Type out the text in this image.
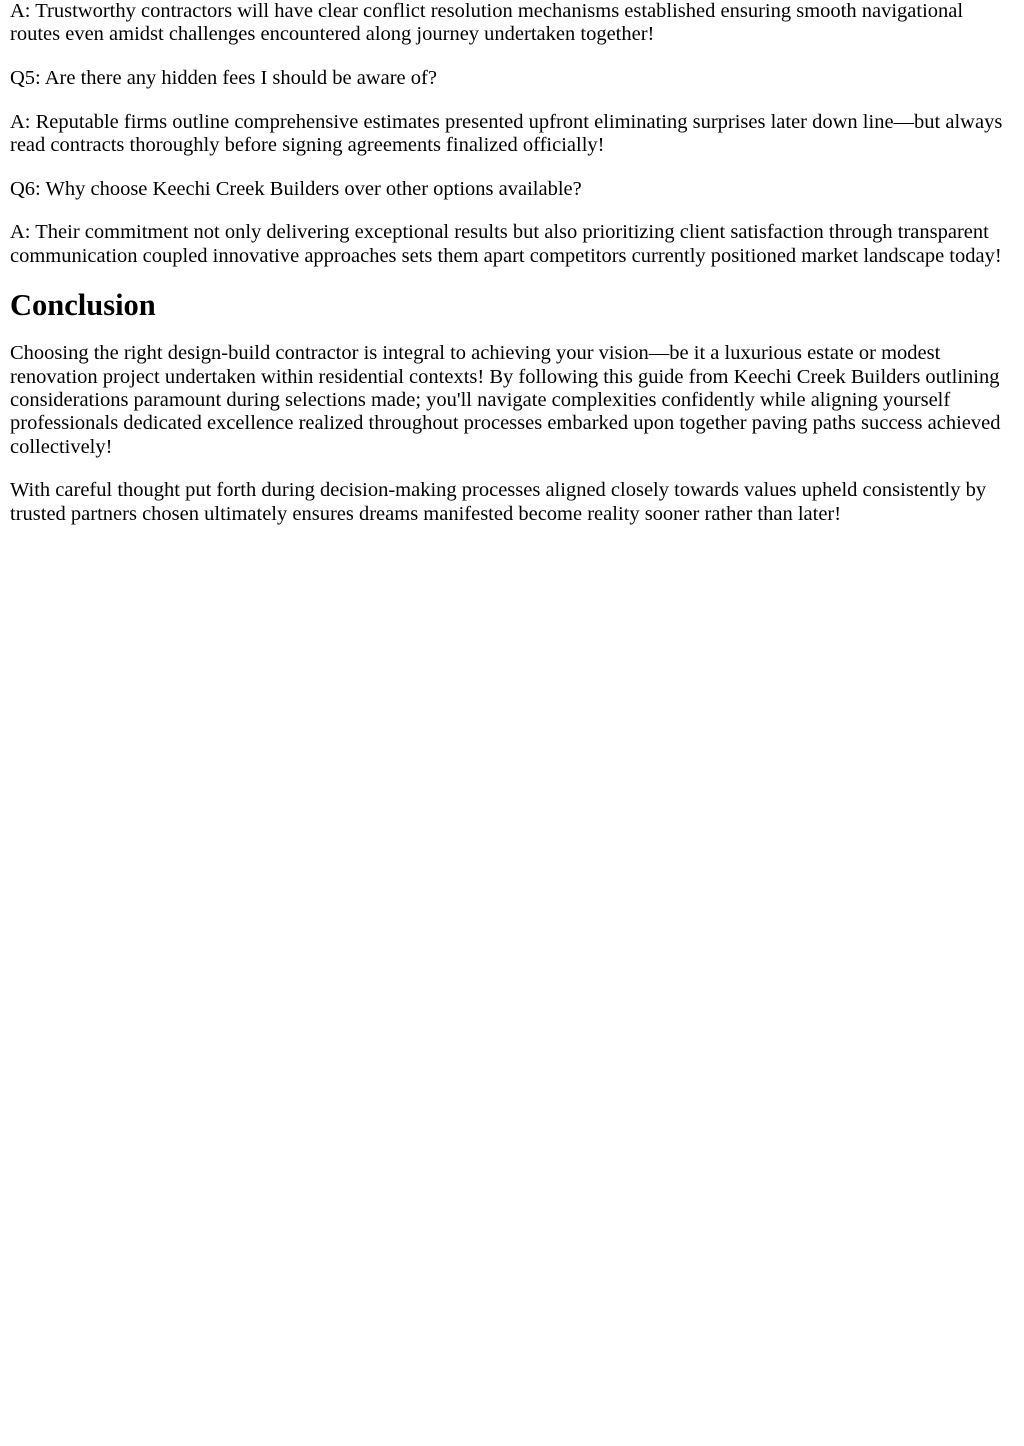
A: Trustworthy contractors will have clear conflict resolution mechanisms established ensuring smooth navigational routes even amidst challenges encountered along journey undertaken together!

Q5: Are there any hidden fees I should be aware of?

A: Reputable firms outline comprehensive estimates presented upfront eliminating surprises later down line—but always read contracts thoroughly before signing agreements finalized officially!

Q6: Why choose Keechi Creek Builders over other options available?

A: Their commitment not only delivering exceptional results but also prioritizing client satisfaction through transparent communication coupled innovative approaches sets them apart competitors currently positioned market landscape today!

Conclusion

Choosing the right design-build contractor is integral to achieving your vision—be it a luxurious estate or modest renovation project undertaken within residential contexts! By following this guide from Keechi Creek Builders outlining considerations paramount during selections made; you'll navigate complexities confidently while aligning yourself professionals dedicated excellence realized throughout processes embarked upon together paving paths success achieved collectively!

With careful thought put forth during decision-making processes aligned closely towards values upheld consistently by trusted partners chosen ultimately ensures dreams manifested become reality sooner rather than later!
